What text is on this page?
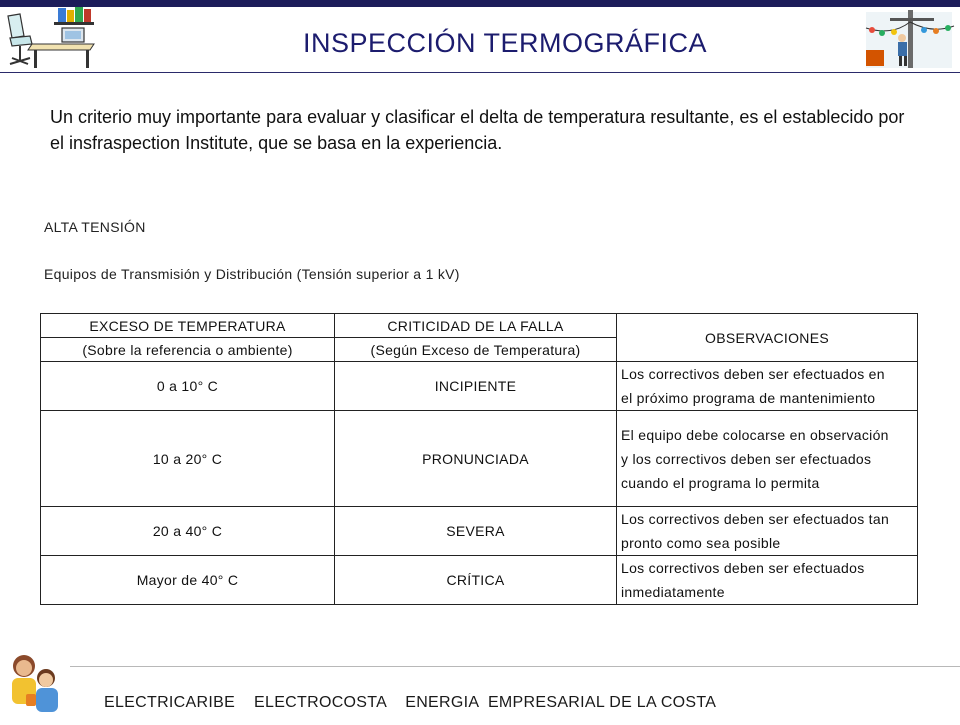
INSPECCIÓN TERMOGRÁFICA
Un criterio muy importante para evaluar y clasificar el delta de temperatura resultante, es el establecido por el insfraspection Institute, que se basa en la experiencia.
ALTA TENSIÓN
Equipos de Transmisión y Distribución (Tensión superior a 1 kV)
EXCESO DE TEMPERATURA	CRITICIDAD DE LA FALLA	OBSERVACIONES
(Sobre la referencia o ambiente)	(Según Exceso de Temperatura)	
0 a 10° C	INCIPIENTE	Los correctivos deben ser efectuados en
el próximo programa de mantenimiento

10 a 20° C	PRONUNCIADA	El equipo debe colocarse en observación
y los correctivos deben ser efectuados
cuando el programa lo permita

20 a 40° C	SEVERA	Los correctivos deben ser efectuados tan
pronto como sea posible

Mayor de 40° C	CRÍTICA	Los correctivos deben ser efectuados
inmediatamente
ELECTRICARIBE ELECTROCOSTA ENERGIA  EMPRESARIAL DE LA COSTA
